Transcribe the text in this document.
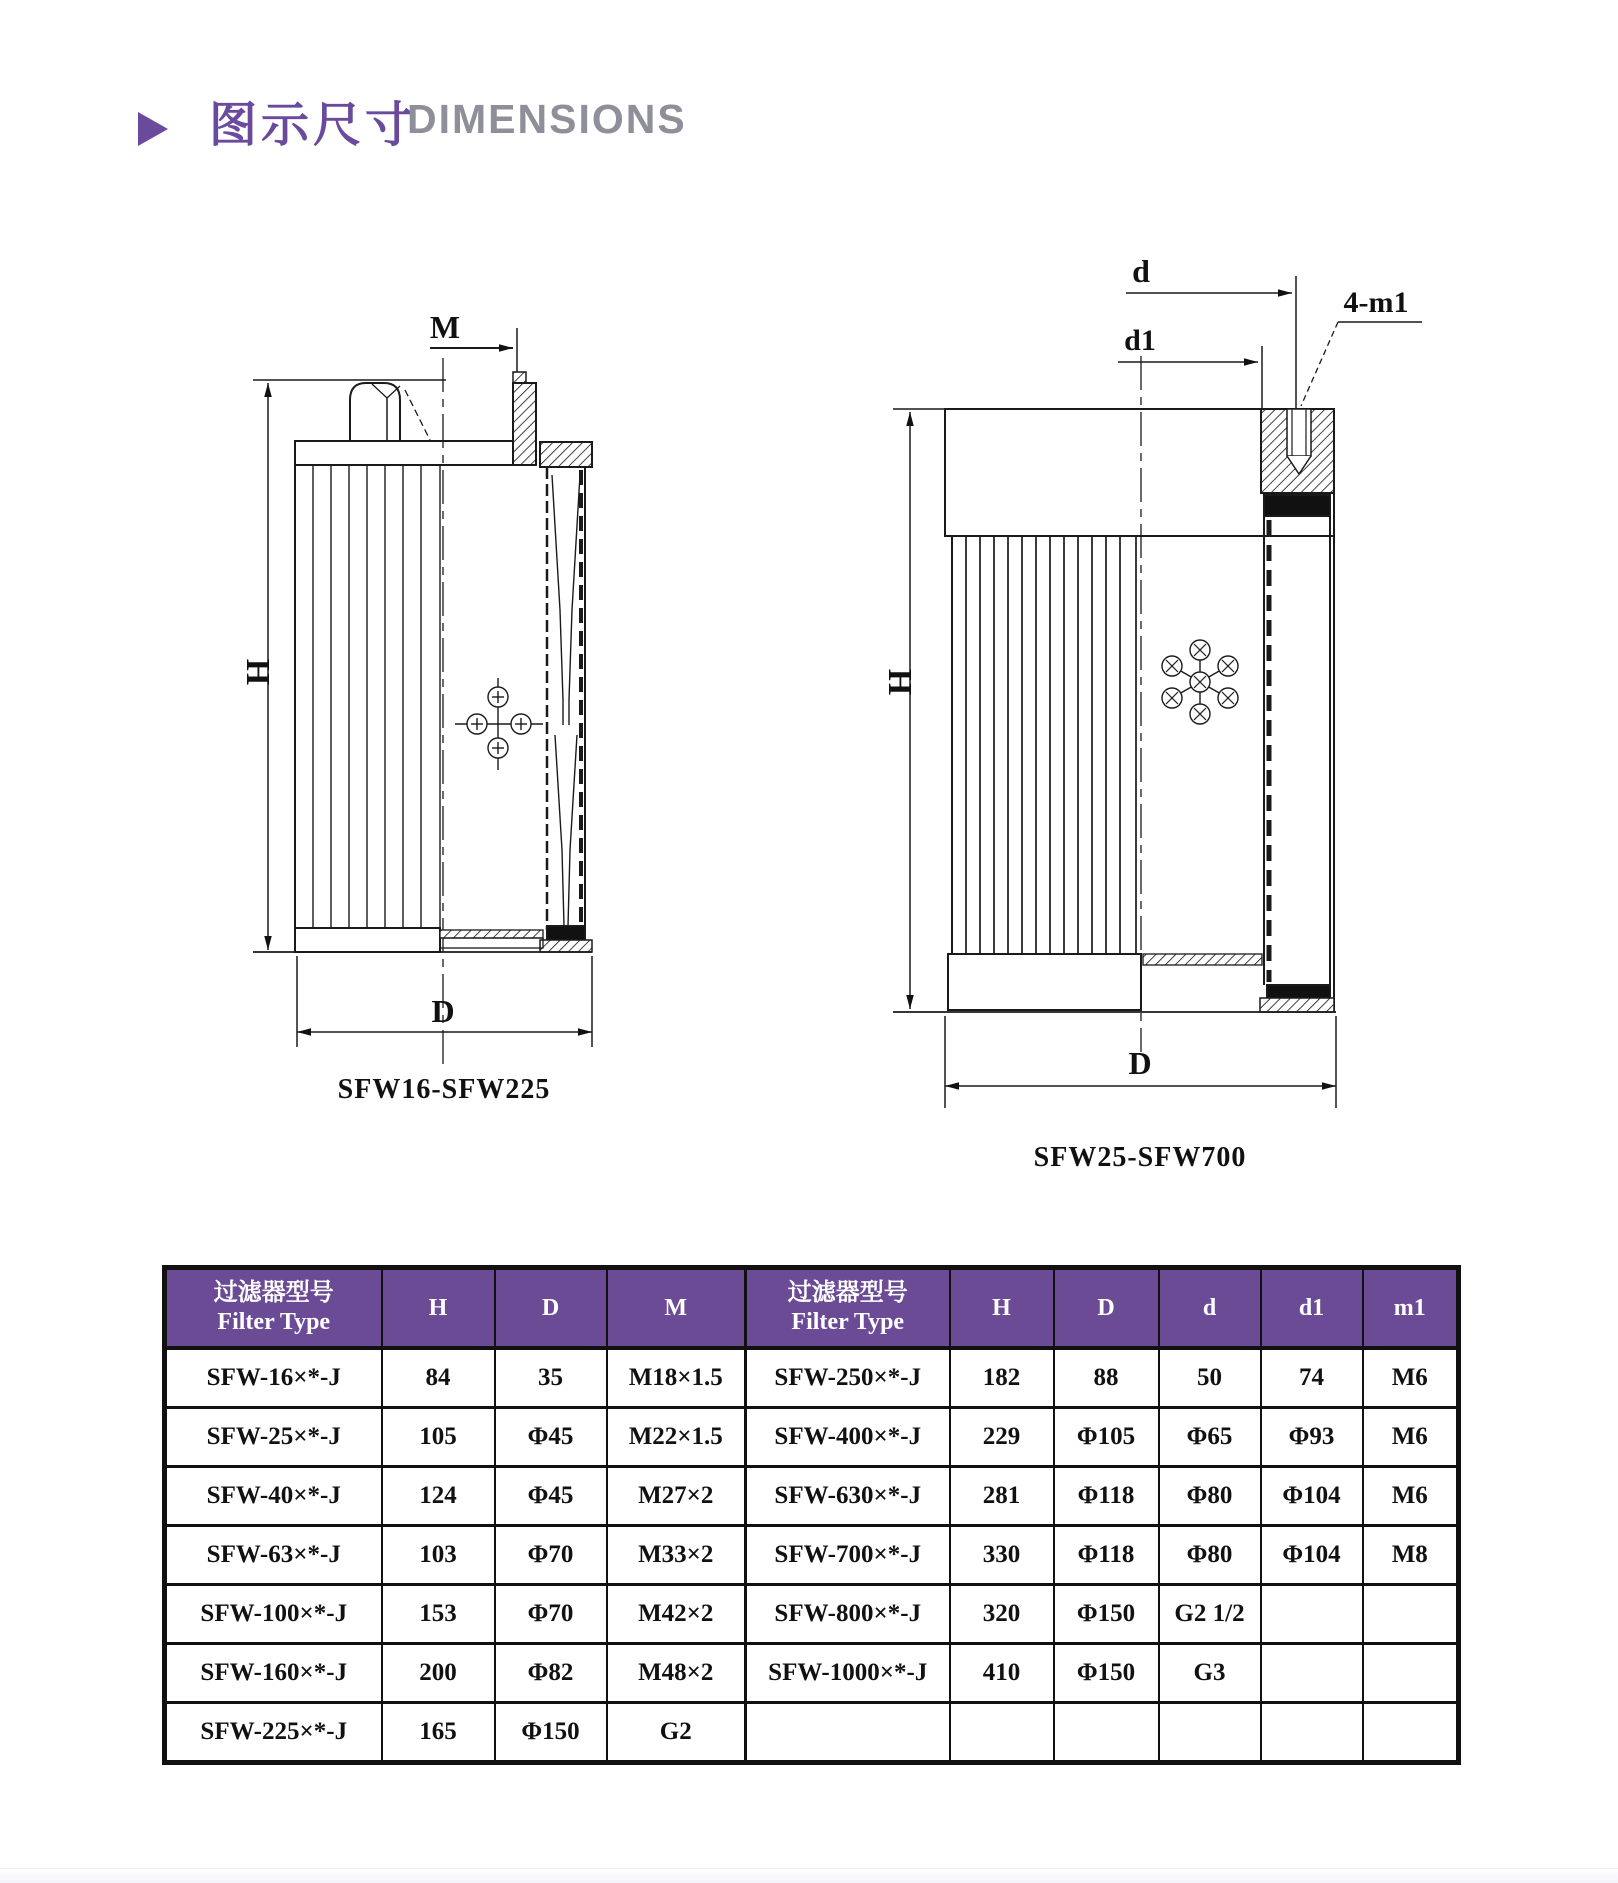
图示尺寸
DIMENSIONS
M
H
D
SFW16-SFW225
d
d1
4-m1
H
D
SFW25-SFW700
过滤器型号
Filter Type
	H	D	M	
过滤器型号
Filter Type
	H	D	d	d1	m1
SFW-16×*-J	84	35	M18×1.5	SFW-250×*-J	182	88	50	74	M6
SFW-25×*-J	105	Φ45	M22×1.5	SFW-400×*-J	229	Φ105	Φ65	Φ93	M6
SFW-40×*-J	124	Φ45	M27×2	SFW-630×*-J	281	Φ118	Φ80	Φ104	M6
SFW-63×*-J	103	Φ70	M33×2	SFW-700×*-J	330	Φ118	Φ80	Φ104	M8
SFW-100×*-J	153	Φ70	M42×2	SFW-800×*-J	320	Φ150	G2 1/2		
SFW-160×*-J	200	Φ82	M48×2	SFW-1000×*-J	410	Φ150	G3		
SFW-225×*-J	165	Φ150	G2						
